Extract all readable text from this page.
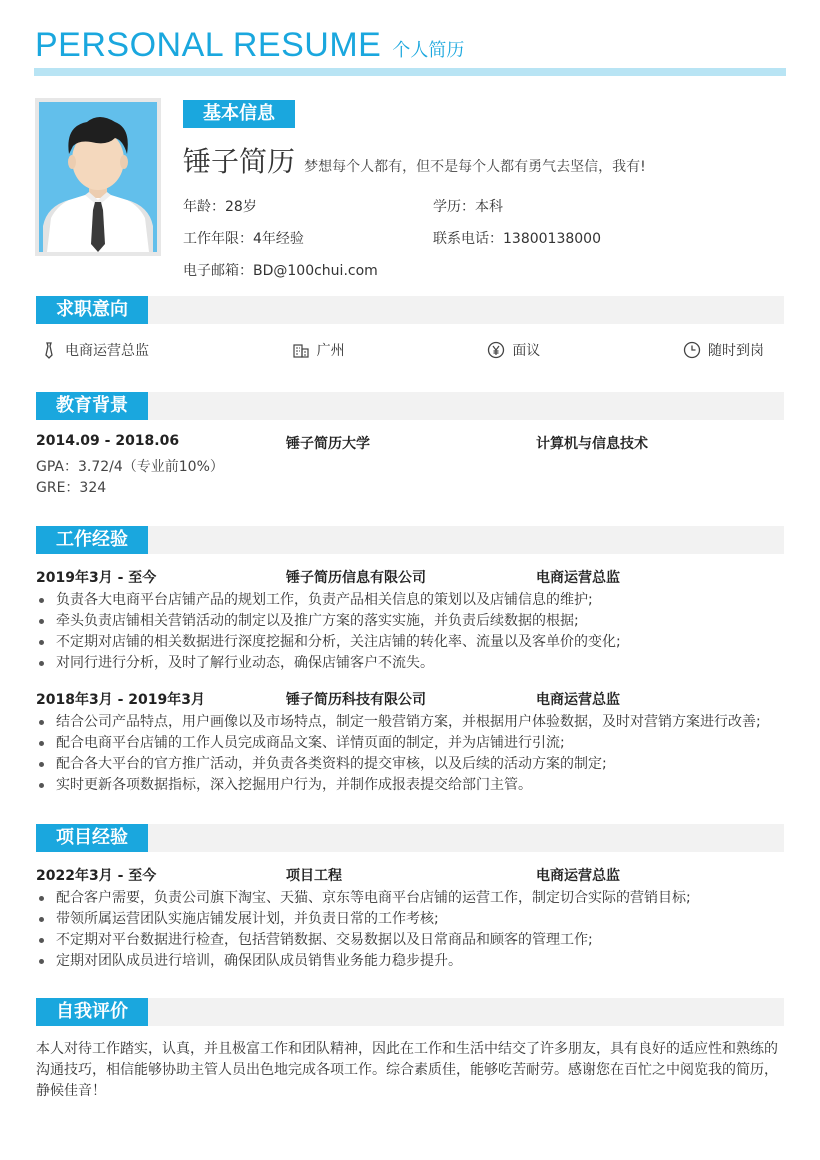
PERSONAL RESUME 个人简历
基本信息
锤子简历 梦想每个人都有，但不是每个人都有勇气去坚信，我有!
年龄：28岁	学历：本科
工作年限：4年经验	联系电话：13800138000
电子邮箱：BD@100chui.com
求职意向
电商运营总监	广州	面议	随时到岗
教育背景
2014.09 - 2018.06	锤子简历大学	计算机与信息技术
GPA：3.72/4（专业前10%）
GRE：324
工作经验
2019年3月 - 至今	锤子简历信息有限公司	电商运营总监
负责各大电商平台店铺产品的规划工作，负责产品相关信息的策划以及店铺信息的维护;
牵头负责店铺相关营销活动的制定以及推广方案的落实实施，并负责后续数据的根据;
不定期对店铺的相关数据进行深度挖掘和分析，关注店铺的转化率、流量以及客单价的变化;
对同行进行分析，及时了解行业动态，确保店铺客户不流失。
2018年3月 - 2019年3月	锤子简历科技有限公司	电商运营总监
结合公司产品特点，用户画像以及市场特点，制定一般营销方案，并根据用户体验数据，及时对营销方案进行改善;
配合电商平台店铺的工作人员完成商品文案、详情页面的制定，并为店铺进行引流;
配合各大平台的官方推广活动，并负责各类资料的提交审核，以及后续的活动方案的制定;
实时更新各项数据指标，深入挖掘用户行为，并制作成报表提交给部门主管。
项目经验
2022年3月 - 至今	项目工程	电商运营总监
配合客户需要，负责公司旗下淘宝、天猫、京东等电商平台店铺的运营工作，制定切合实际的营销目标;
带领所属运营团队实施店铺发展计划，并负责日常的工作考核;
不定期对平台数据进行检查，包括营销数据、交易数据以及日常商品和顾客的管理工作;
定期对团队成员进行培训，确保团队成员销售业务能力稳步提升。
自我评价
本人对待工作踏实，认真，并且极富工作和团队精神，因此在工作和生活中结交了许多朋友，具有良好的适应性和熟练的沟通技巧，相信能够协助主管人员出色地完成各项工作。综合素质佳，能够吃苦耐劳。感谢您在百忙之中阅览我的简历，静候佳音！
